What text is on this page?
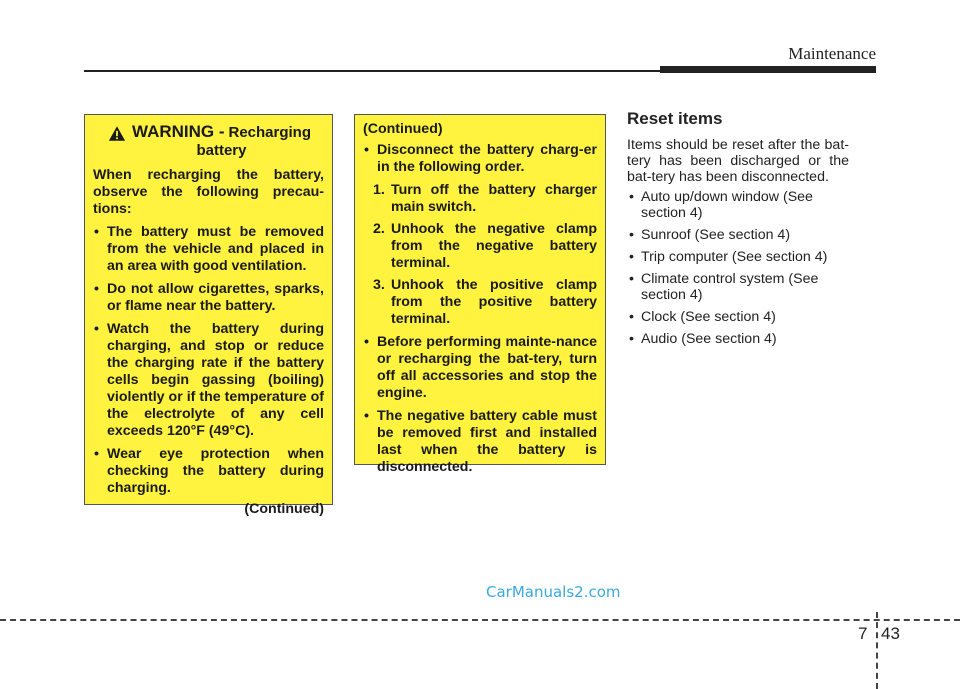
Maintenance
WARNING - Recharging
battery

When recharging the battery, observe the following precau-tions:

• The battery must be removed from the vehicle and placed in an area with good ventilation.
• Do not allow cigarettes, sparks, or flame near the battery.
• Watch the battery during charging, and stop or reduce the charging rate if the battery cells begin gassing (boiling) violently or if the temperature of the electrolyte of any cell exceeds 120°F (49°C).
• Wear eye protection when checking the battery during charging.
(Continued)
(Continued)
• Disconnect the battery charg-er in the following order.
1. Turn off the battery charger main switch.
2. Unhook the negative clamp from the negative battery terminal.
3. Unhook the positive clamp from the positive battery terminal.
• Before performing mainte-nance or recharging the bat-tery, turn off all accessories and stop the engine.
• The negative battery cable must be removed first and installed last when the battery is disconnected.
Reset items

Items should be reset after the bat-tery has been discharged or the bat-tery has been disconnected.

• Auto up/down window (See section 4)
• Sunroof (See section 4)
• Trip computer (See section 4)
• Climate control system (See section 4)
• Clock (See section 4)
• Audio (See section 4)
CarManuals2.com
7 43
